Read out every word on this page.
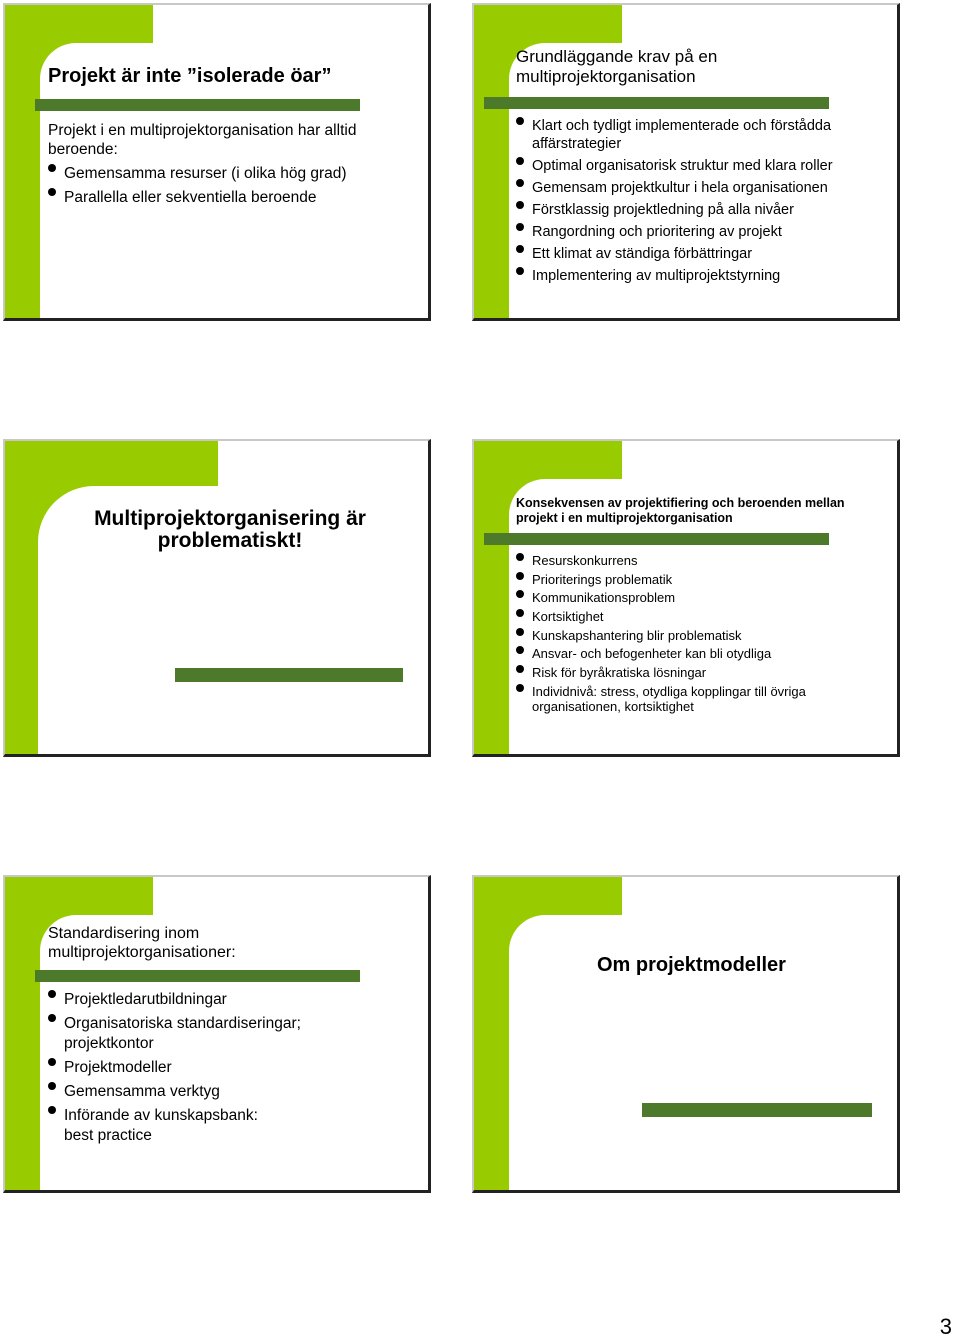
Projekt är inte ”isolerade öar”
Projekt i en multiprojektorganisation har alltid beroende:
Gemensamma resurser (i olika hög grad)
Parallella eller sekventiella beroende
Grundläggande krav på en multiprojektorganisation
Klart och tydligt implementerade och förstådda affärstrategier
Optimal organisatorisk struktur med klara roller
Gemensam projektkultur i hela organisationen
Förstklassig projektledning på alla nivåer
Rangordning och prioritering av projekt
Ett klimat av ständiga förbättringar
Implementering av multiprojektstyrning
Multiprojektorganisering är problematiskt!
Konsekvensen av projektifiering och beroenden mellan projekt i en multiprojektorganisation
Resurskonkurrens
Prioriterings problematik
Kommunikationsproblem
Kortsiktighet
Kunskapshantering blir problematisk
Ansvar- och befogenheter kan bli otydliga
Risk för byråkratiska lösningar
Individnivå: stress, otydliga kopplingar till övriga organisationen, kortsiktighet
Standardisering inom multiprojektorganisationer:
Projektledarutbildningar
Organisatoriska standardiseringar; projektkontor
Projektmodeller
Gemensamma verktyg
Införande av kunskapsbank: best practice
Om projektmodeller
3
